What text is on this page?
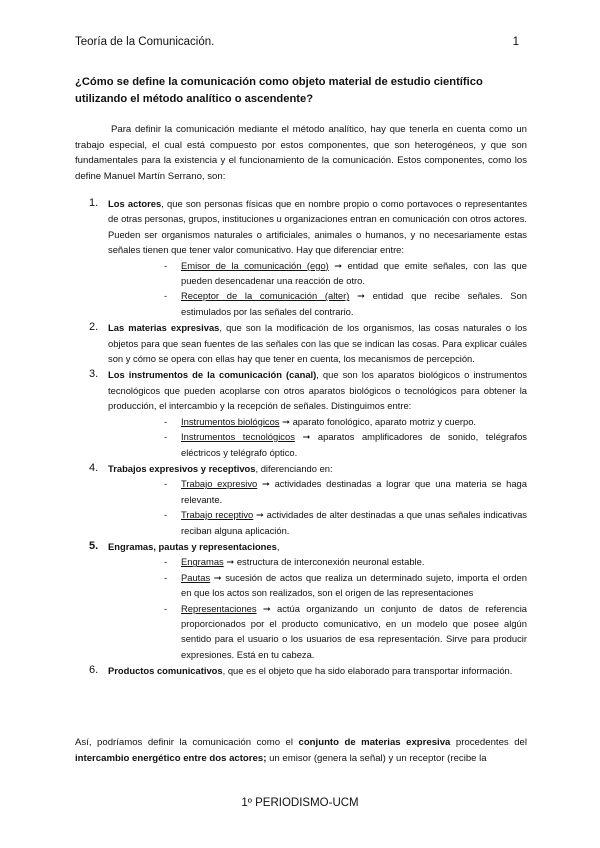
Teoría de la Comunicación.	1
¿Cómo se define la comunicación como objeto material de estudio científico utilizando el método analítico o ascendente?

Para definir la comunicación mediante el método analítico, hay que tenerla en cuenta como un trabajo especial, el cual está compuesto por estos componentes, que son heterogéneos, y que son fundamentales para la existencia y el funcionamiento de la comunicación. Estos componentes, como los define Manuel Martín Serrano, son:

1. Los actores, que son personas físicas que en nombre propio o como portavoces o representantes de otras personas, grupos, instituciones u organizaciones entran en comunicación con otros actores. Pueden ser organismos naturales o artificiales, animales o humanos, y no necesariamente estas señales tienen que tener valor comunicativo. Hay que diferenciar entre:
- Emisor de la comunicación (ego) ➞ entidad que emite señales, con las que pueden desencadenar una reacción de otro.
- Receptor de la comunicación (alter) ➞ entidad que recibe señales. Son estimulados por las señales del contrario.
2. Las materias expresivas, que son la modificación de los organismos, las cosas naturales o los objetos para que sean fuentes de las señales con las que se indican las cosas. Para explicar cuáles son y cómo se opera con ellas hay que tener en cuenta, los mecanismos de percepción.
3. Los instrumentos de la comunicación (canal), que son los aparatos biológicos o instrumentos tecnológicos que pueden acoplarse con otros aparatos biológicos o tecnológicos para obtener la producción, el intercambio y la recepción de señales. Distinguimos entre:
- Instrumentos biológicos ➞ aparato fonológico, aparato motriz y cuerpo.
- Instrumentos tecnológicos ➞ aparatos amplificadores de sonido, telégrafos eléctricos y telégrafo óptico.
4. Trabajos expresivos y receptivos, diferenciando en:
- Trabajo expresivo ➞ actividades destinadas a lograr que una materia se haga relevante.
- Trabajo receptivo ➞ actividades de alter destinadas a que unas señales indicativas reciban alguna aplicación.
5. Engramas, pautas y representaciones,
- Engramas ➞ estructura de interconexión neuronal estable.
- Pautas ➞ sucesión de actos que realiza un determinado sujeto, importa el orden en que los actos son realizados, son el origen de las representaciones
- Representaciones ➞ actúa organizando un conjunto de datos de referencia proporcionados por el producto comunicativo, en un modelo que posee algún sentido para el usuario o los usuarios de esa representación. Sirve para producir expresiones. Está en tu cabeza.
6. Productos comunicativos, que es el objeto que ha sido elaborado para transportar información.

Así, podríamos definir la comunicación como el conjunto de materias expresiva procedentes del intercambio energético entre dos actores; un emisor (genera la señal) y un receptor (recibe la

1º PERIODISMO-UCM
